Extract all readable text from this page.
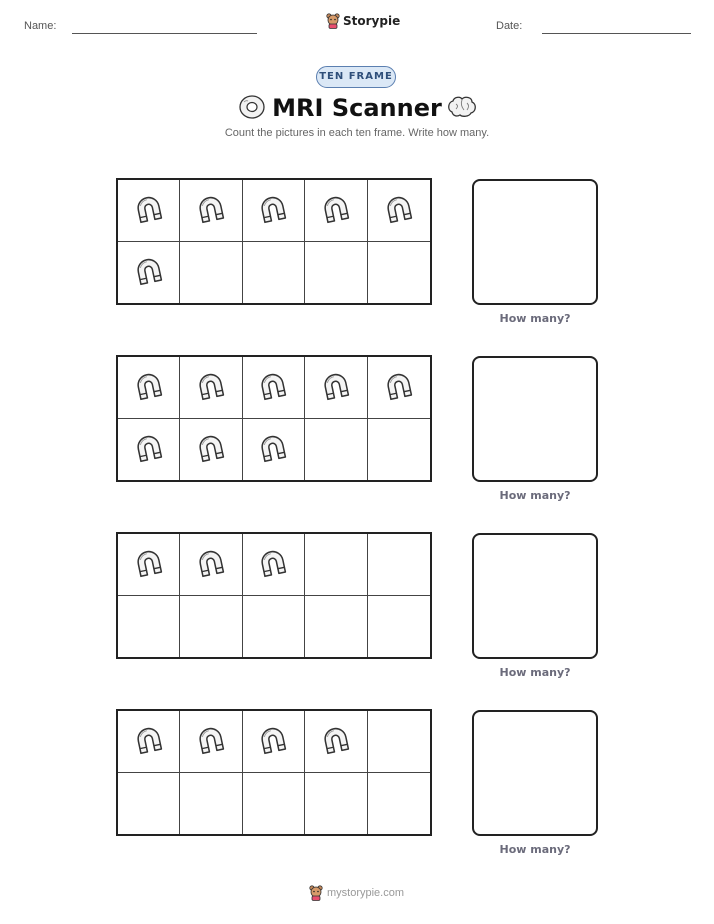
Name:	Storypie	Date:
TEN FRAME
MRI Scanner
Count the pictures in each ten frame. Write how many.
How many?
How many?
How many?
How many?
mystorypie.com
